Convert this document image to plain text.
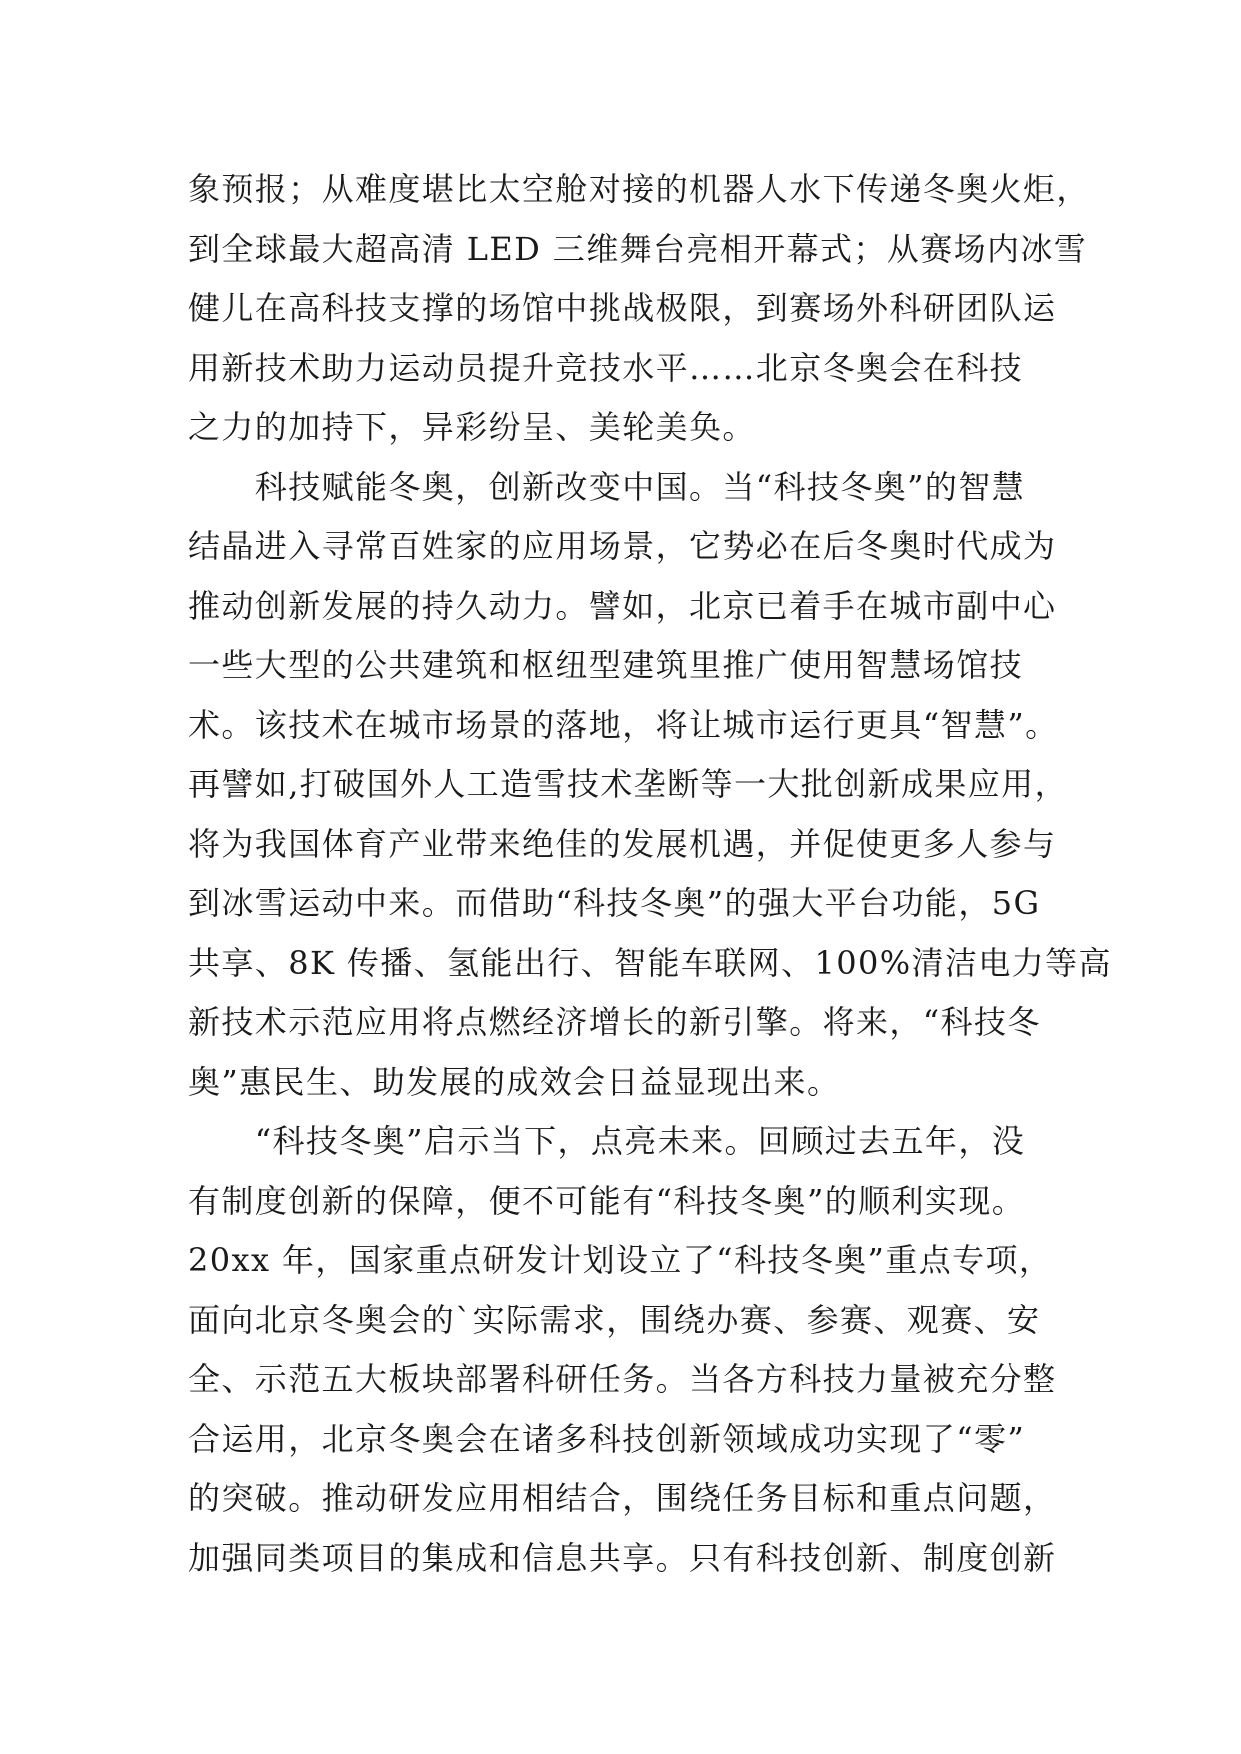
象预报；从难度堪比太空舱对接的机器人水下传递冬奥火炬，
到全球最大超高清 LED 三维舞台亮相开幕式；从赛场内冰雪
健儿在高科技支撑的场馆中挑战极限，到赛场外科研团队运
用新技术助力运动员提升竞技水平……北京冬奥会在科技
之力的加持下，异彩纷呈、美轮美奂。
　　科技赋能冬奥，创新改变中国。当“科技冬奥”的智慧
结晶进入寻常百姓家的应用场景，它势必在后冬奥时代成为
推动创新发展的持久动力。譬如，北京已着手在城市副中心
一些大型的公共建筑和枢纽型建筑里推广使用智慧场馆技
术。该技术在城市场景的落地，将让城市运行更具“智慧”。
再譬如,打破国外人工造雪技术垄断等一大批创新成果应用，
将为我国体育产业带来绝佳的发展机遇，并促使更多人参与
到冰雪运动中来。而借助“科技冬奥”的强大平台功能，5G
共享、8K 传播、氢能出行、智能车联网、100%清洁电力等高
新技术示范应用将点燃经济增长的新引擎。将来，“科技冬
奥”惠民生、助发展的成效会日益显现出来。
　　“科技冬奥”启示当下，点亮未来。回顾过去五年，没
有制度创新的保障，便不可能有“科技冬奥”的顺利实现。
20xx 年，国家重点研发计划设立了“科技冬奥”重点专项，
面向北京冬奥会的`实际需求，围绕办赛、参赛、观赛、安
全、示范五大板块部署科研任务。当各方科技力量被充分整
合运用，北京冬奥会在诸多科技创新领域成功实现了“零”
的突破。推动研发应用相结合，围绕任务目标和重点问题，
加强同类项目的集成和信息共享。只有科技创新、制度创新
